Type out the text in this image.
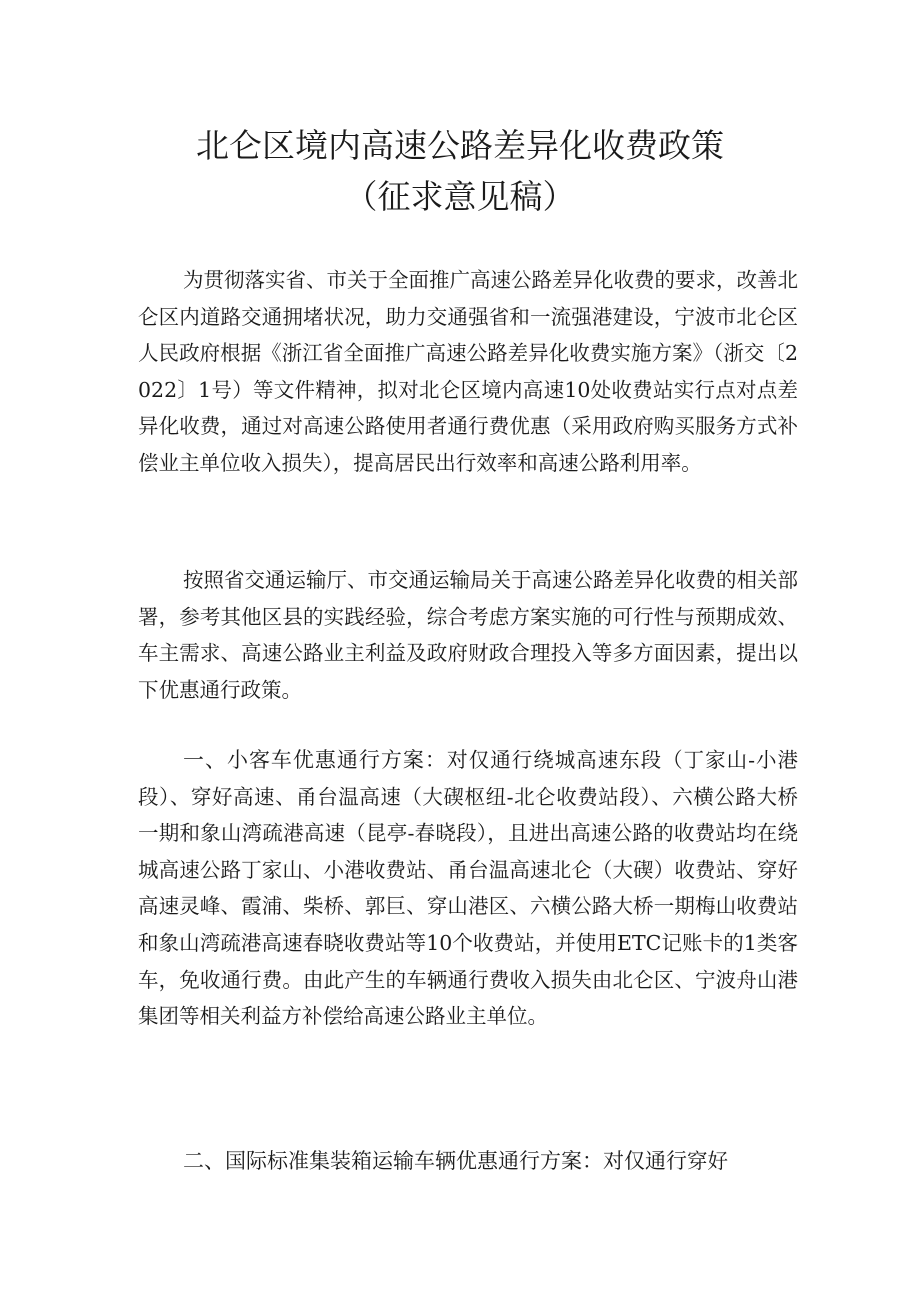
北仑区境内高速公路差异化收费政策
（征求意见稿）

为贯彻落实省、市关于全面推广高速公路差异化收费的要求，改善北仑区内道路交通拥堵状况，助力交通强省和一流强港建设，宁波市北仑区人民政府根据《浙江省全面推广高速公路差异化收费实施方案》（浙交〔2022〕1号）等文件精神，拟对北仑区境内高速10处收费站实行点对点差异化收费，通过对高速公路使用者通行费优惠（采用政府购买服务方式补偿业主单位收入损失），提高居民出行效率和高速公路利用率。

按照省交通运输厅、市交通运输局关于高速公路差异化收费的相关部署，参考其他区县的实践经验，综合考虑方案实施的可行性与预期成效、车主需求、高速公路业主利益及政府财政合理投入等多方面因素，提出以下优惠通行政策。

一、小客车优惠通行方案：对仅通行绕城高速东段（丁家山-小港段）、穿好高速、甬台温高速（大碶枢纽-北仑收费站段）、六横公路大桥一期和象山湾疏港高速（昆亭-春晓段），且进出高速公路的收费站均在绕城高速公路丁家山、小港收费站、甬台温高速北仑（大碶）收费站、穿好高速灵峰、霞浦、柴桥、郭巨、穿山港区、六横公路大桥一期梅山收费站和象山湾疏港高速春晓收费站等10个收费站，并使用ETC记账卡的1类客车，免收通行费。由此产生的车辆通行费收入损失由北仑区、宁波舟山港集团等相关利益方补偿给高速公路业主单位。

二、国际标准集装箱运输车辆优惠通行方案：对仅通行穿好
